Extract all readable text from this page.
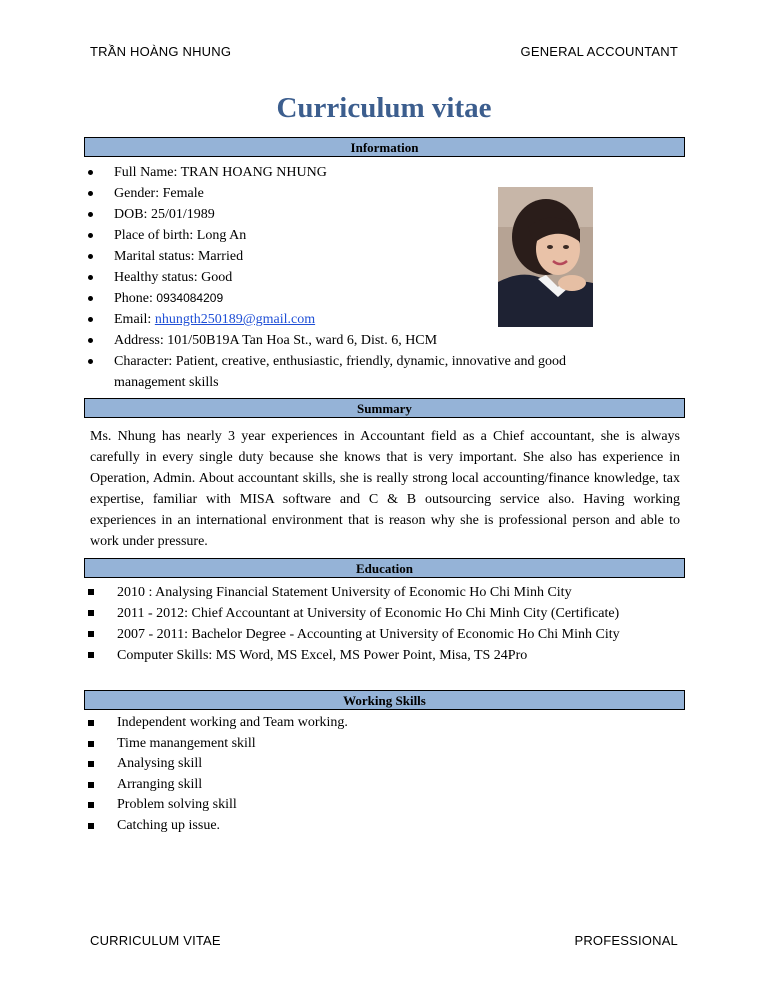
TRẦN HOÀNG NHUNG	GENERAL ACCOUNTANT
Curriculum vitae
Information
Full Name: TRAN HOANG NHUNG
Gender: Female
DOB: 25/01/1989
Place of birth: Long An
Marital status: Married
Healthy status: Good
Phone: 0934084209
Email: nhungth250189@gmail.com
Address: 101/50B19A Tan Hoa St., ward 6, Dist. 6, HCM
Character: Patient, creative, enthusiastic, friendly, dynamic, innovative and good
management skills
Summary
Ms. Nhung has nearly 3 year experiences in Accountant field as a Chief accountant, she is always carefully in every single duty because she knows that is very important. She also has experience in Operation, Admin. About accountant skills, she is really strong local accounting/finance knowledge, tax expertise, familiar with MISA software and C & B outsourcing service also. Having working experiences in an international environment that is reason why she is professional person and able to work under pressure.
Education
2010 : Analysing Financial Statement University of Economic Ho Chi Minh City
2011 - 2012: Chief Accountant at University of Economic Ho Chi Minh City (Certificate)
2007 - 2011: Bachelor Degree - Accounting at University of Economic Ho Chi Minh City
Computer Skills: MS Word, MS Excel, MS Power Point, Misa, TS 24Pro
Working Skills
Independent working and Team working.
Time manangement skill
Analysing skill
Arranging skill
Problem solving skill
Catching up issue.
CURRICULUM VITAE	PROFESSIONAL
